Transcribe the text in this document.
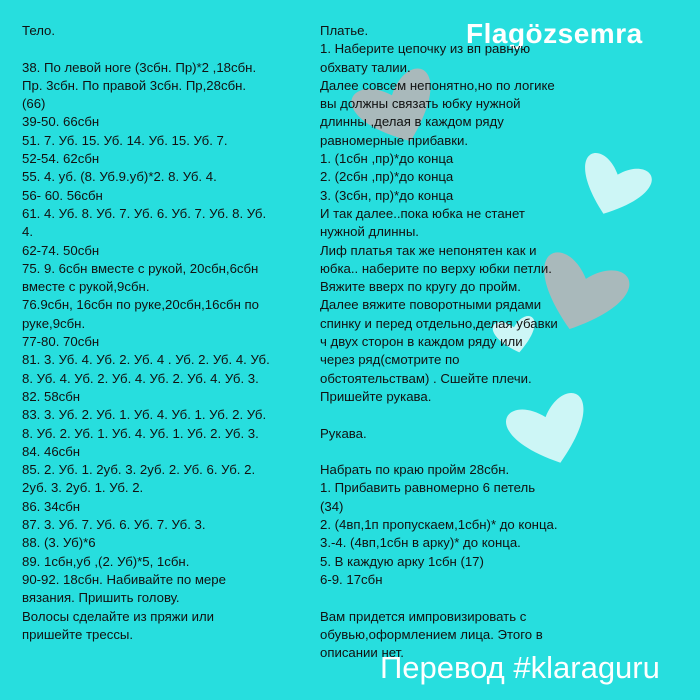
Flagözsemra
Тело.
38. По левой ноге (3сбн. Пр)*2 ,18сбн.
Пр. 3сбн. По правой 3сбн. Пр,28сбн.
(66)
39-50. 66сбн
51. 7. Уб. 15. Уб. 14. Уб. 15. Уб. 7.
52-54. 62сбн
55. 4. уб. (8. Уб.9.уб)*2. 8. Уб. 4.
56- 60. 56сбн
61. 4. Уб. 8. Уб. 7. Уб. 6. Уб. 7. Уб. 8. Уб.
4.
62-74. 50сбн
75. 9. 6сбн вместе с рукой, 20сбн,6сбн
вместе с рукой,9сбн.
76.9сбн, 16сбн по руке,20сбн,16сбн по
руке,9сбн.
77-80. 70сбн
81. 3. Уб. 4. Уб. 2. Уб. 4 . Уб. 2. Уб. 4. Уб.
8. Уб. 4. Уб. 2. Уб. 4. Уб. 2. Уб. 4. Уб. 3.
82. 58сбн
83. 3. Уб. 2. Уб. 1. Уб. 4. Уб. 1. Уб. 2. Уб.
8. Уб. 2. Уб. 1. Уб. 4. Уб. 1. Уб. 2. Уб. 3.
84. 46сбн
85. 2. Уб. 1. 2уб. 3. 2уб. 2. Уб. 6. Уб. 2.
2уб. 3. 2уб. 1. Уб. 2.
86. 34сбн
87. 3. Уб. 7. Уб. 6. Уб. 7. Уб. 3.
88. (3. Уб)*6
89. 1сбн,уб ,(2. Уб)*5, 1сбн.
90-92. 18сбн. Набивайте по мере
вязания. Пришить голову.
Волосы сделайте из пряжи или
пришейте трессы.
Платье.
1. Наберите цепочку из вп равную
обхвату талии.
Далее совсем непонятно,но по логике
вы должны связать юбку нужной
длинны ,делая в каждом ряду
равномерные прибавки.
1. (1сбн ,пр)*до конца
2. (2сбн ,пр)*до конца
3. (3сбн, пр)*до конца
И так далее..пока юбка не станет
нужной длинны.
Лиф платья так же непонятен как и
юбка.. наберите по верху юбки петли.
Вяжите вверх по кругу до пройм.
Далее вяжите поворотными рядами
спинку и перед отдельно,делая убавки
ч двух сторон в каждом ряду или
через ряд(смотрите по
обстоятельствам) . Сшейте плечи.
Пришейте рукава.
Рукава.
Набрать по краю пройм 28сбн.
1. Прибавить равномерно 6 петель
(34)
2. (4вп,1п пропускаем,1сбн)* до конца.
3.-4. (4вп,1сбн в арку)* до конца.
5. В каждую арку 1сбн (17)
6-9. 17сбн
Вам придется импровизировать с
обувью,оформлением лица. Этого в
описании нет.
Перевод #klaraguru
